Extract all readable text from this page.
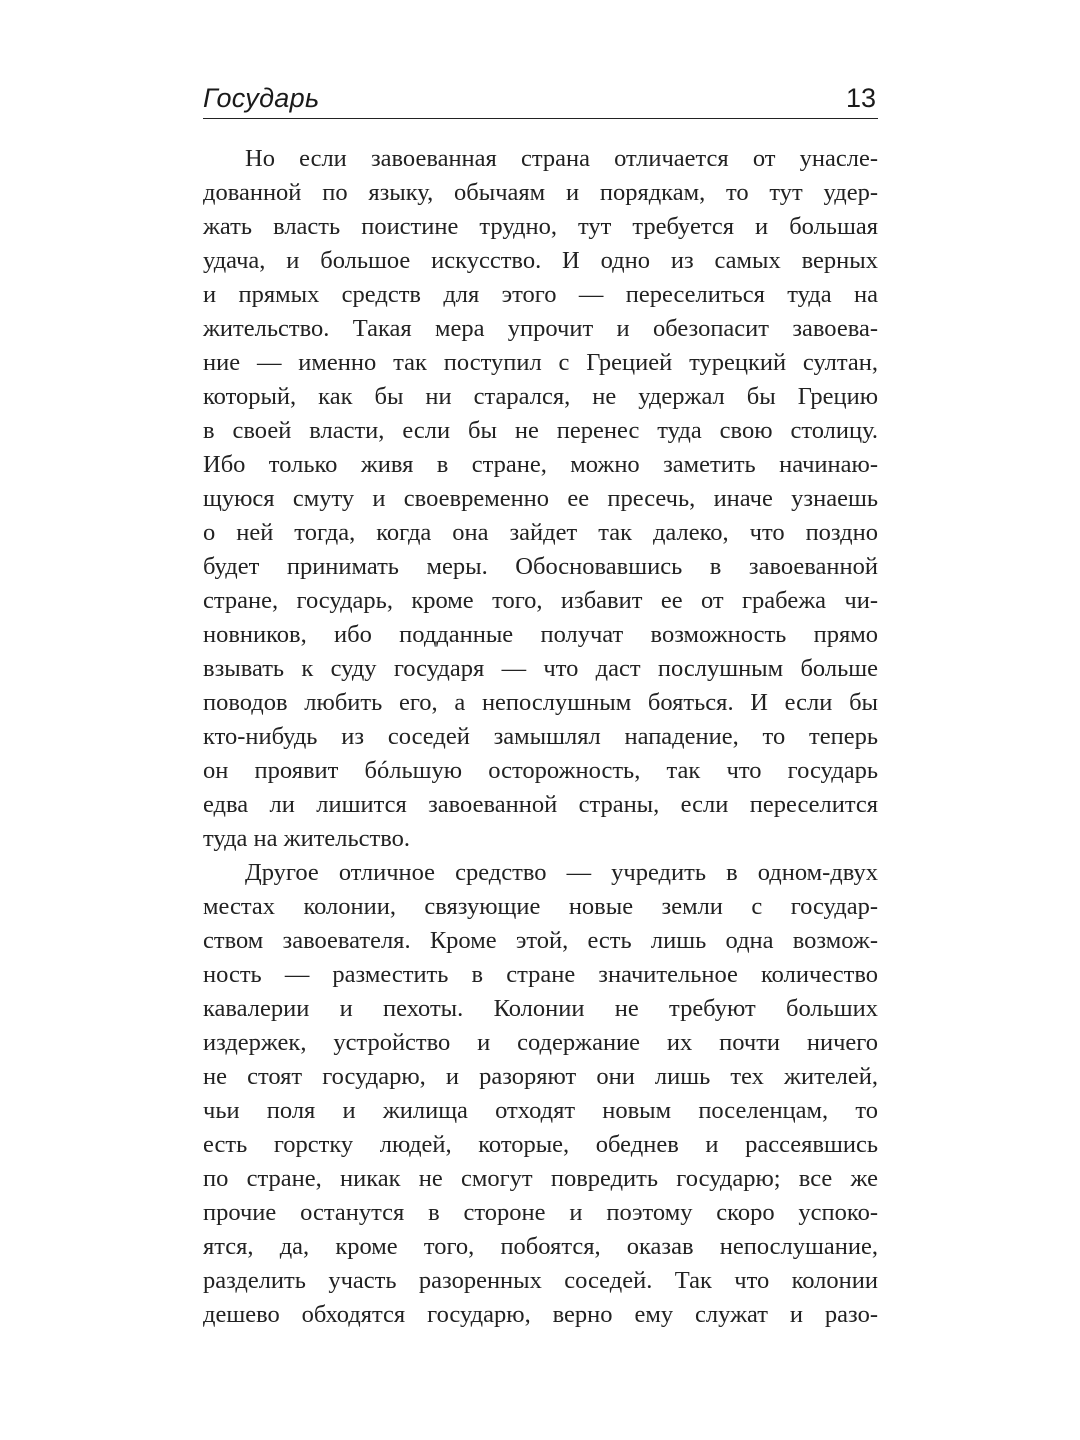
Государь	13
Но если завоеванная страна отличается от унасле-
дованной по языку, обычаям и порядкам, то тут удер-
жать власть поистине трудно, тут требуется и большая
удача, и большое искусство. И одно из самых верных
и прямых средств для этого — переселиться туда на
жительство. Такая мера упрочит и обезопасит завоева-
ние — именно так поступил с Грецией турецкий султан,
который, как бы ни старался, не удержал бы Грецию
в своей власти, если бы не перенес туда свою столицу.
Ибо только живя в стране, можно заметить начинаю-
щуюся смуту и своевременно ее пресечь, иначе узнаешь
о ней тогда, когда она зайдет так далеко, что поздно
будет принимать меры. Обосновавшись в завоеванной
стране, государь, кроме того, избавит ее от грабежа чи-
новников, ибо подданные получат возможность прямо
взывать к суду государя — что даст послушным больше
поводов любить его, а непослушным бояться. И если бы
кто-нибудь из соседей замышлял нападение, то теперь
он проявит бóльшую осторожность, так что государь
едва ли лишится завоеванной страны, если переселится
туда на жительство.
Другое отличное средство — учредить в одном-двух
местах колонии, связующие новые земли с государ-
ством завоевателя. Кроме этой, есть лишь одна возмож-
ность — разместить в стране значительное количество
кавалерии и пехоты. Колонии не требуют больших
издержек, устройство и содержание их почти ничего
не стоят государю, и разоряют они лишь тех жителей,
чьи поля и жилища отходят новым поселенцам, то
есть горстку людей, которые, обеднев и рассеявшись
по стране, никак не смогут повредить государю; все же
прочие останутся в стороне и поэтому скоро успоко-
ятся, да, кроме того, побоятся, оказав непослушание,
разделить участь разоренных соседей. Так что колонии
дешево обходятся государю, верно ему служат и разо-
